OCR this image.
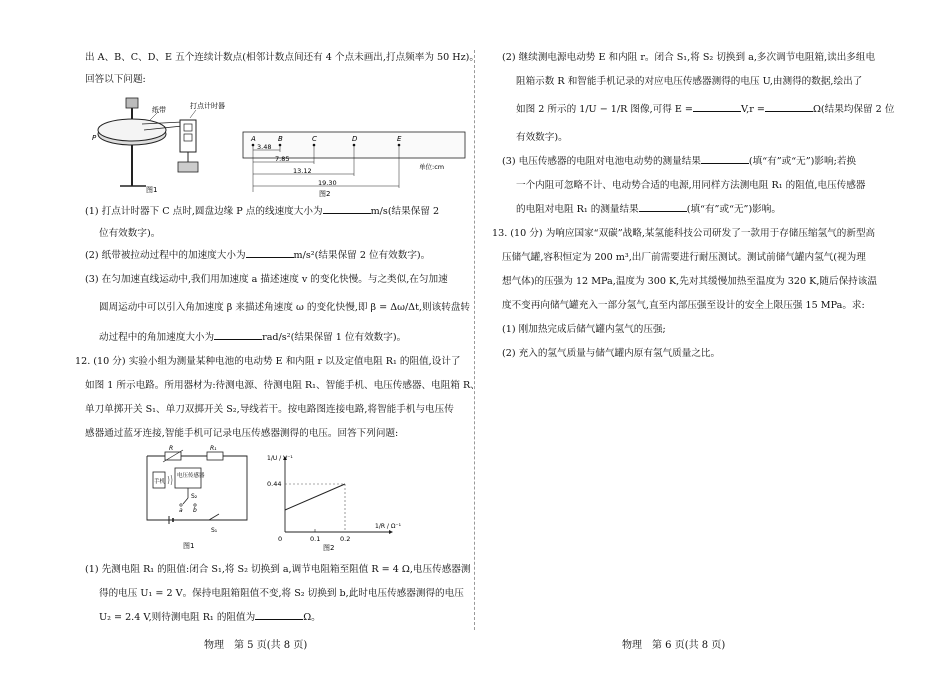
出 A、B、C、D、E 五个连续计数点(相邻计数点间还有 4 个点未画出,打点频率为 50 Hz)。
回答以下问题:
纸带	打点计时器
P
图1
A	B	C	D	E
3.48
7.85
13.12
19.30
单位:cm
图2
(1) 打点计时器下 C 点时,圆盘边缘 P 点的线速度大小为	m/s(结果保留 2
位有效数字)。
(2) 纸带被拉动过程中的加速度大小为	m/s²(结果保留 2 位有效数字)。
(3) 在匀加速直线运动中,我们用加速度 a 描述速度 v 的变化快慢。与之类似,在匀加速
圆周运动中可以引入角加速度 β 来描述角速度 ω 的变化快慢,即 β = Δω/Δt,则该转盘转
动过程中的角加速度大小为	rad/s²(结果保留 1 位有效数字)。
12. (10 分) 实验小组为测量某种电池的电动势 E 和内阻 r 以及定值电阻 R₁ 的阻值,设计了
如图 1 所示电路。所用器材为:待测电源、待测电阻 R₁、智能手机、电压传感器、电阻箱 R、
单刀单掷开关 S₁、单刀双掷开关 S₂,导线若干。按电路图连接电路,将智能手机与电压传
感器通过蓝牙连接,智能手机可记录电压传感器测得的电压。回答下列问题:
R	R₁
手机
电压传感器
S₂
a b
S₁
图1
1/U / V⁻¹
0.44
0	0.1	0.2
1/R / Ω⁻¹
图2
(1) 先测电阻 R₁ 的阻值:闭合 S₁,将 S₂ 切换到 a,调节电阻箱至阻值 R = 4 Ω,电压传感器测
得的电压 U₁ = 2 V。保持电阻箱阻值不变,将 S₂ 切换到 b,此时电压传感器测得的电压
U₂ = 2.4 V,则待测电阻 R₁ 的阻值为	Ω。
物理　第 5 页(共 8 页)
(2) 继续测电源电动势 E 和内阻 r。闭合 S₁,将 S₂ 切换到 a,多次调节电阻箱,读出多组电
阻箱示数 R 和智能手机记录的对应电压传感器测得的电压 U,由测得的数据,绘出了
如图 2 所示的 1/U − 1/R 图像,可得 E =	V,r =	Ω(结果均保留 2 位
有效数字)。
(3) 电压传感器的电阻对电池电动势的测量结果	(填“有”或“无”)影响;若换
一个内阻可忽略不计、电动势合适的电源,用同样方法测电阻 R₁ 的阻值,电压传感器
的电阻对电阻 R₁ 的测量结果	(填“有”或“无”)影响。
13. (10 分) 为响应国家“双碳”战略,某氢能科技公司研发了一款用于存储压缩氢气的新型高
压储气罐,容积恒定为 200 m³,出厂前需要进行耐压测试。测试前储气罐内氢气(视为理
想气体)的压强为 12 MPa,温度为 300 K,先对其缓慢加热至温度为 320 K,随后保持该温
度不变再向储气罐充入一部分氢气,直至内部压强至设计的安全上限压强 15 MPa。求:
(1) 刚加热完成后储气罐内氢气的压强;
(2) 充入的氢气质量与储气罐内原有氢气质量之比。
物理　第 6 页(共 8 页)
